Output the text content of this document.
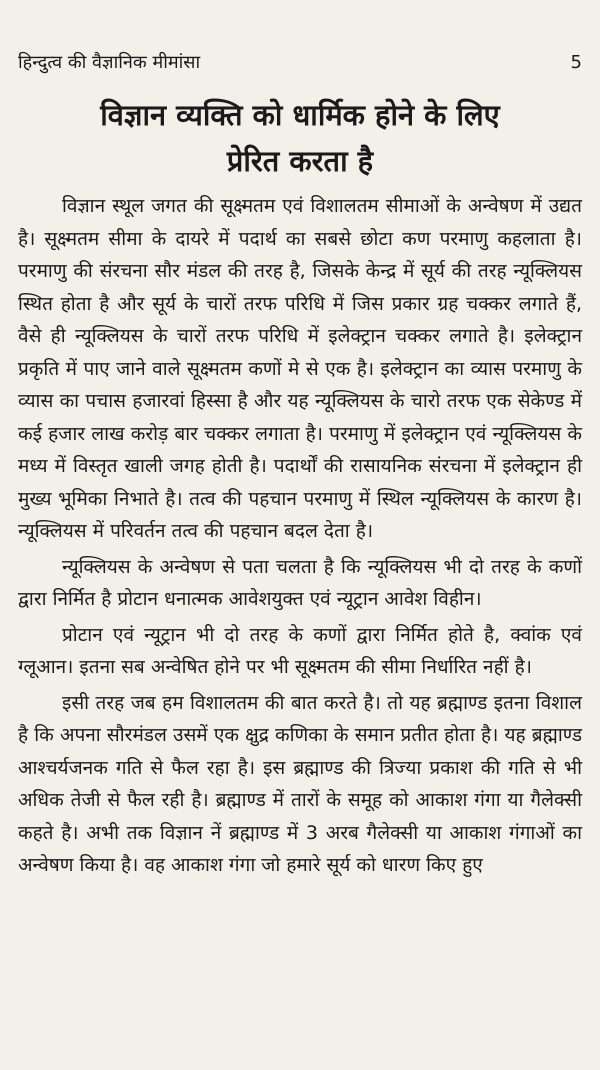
हिन्दुत्व की वैज्ञानिक मीमांसा	5
विज्ञान व्यक्ति को धार्मिक होने के लिए
प्रेरित करता है

विज्ञान स्थूल जगत की सूक्ष्मतम एवं विशालतम सीमाओं के अन्वेषण में उद्यत है। सूक्ष्मतम सीमा के दायरे में पदार्थ का सबसे छोटा कण परमाणु कहलाता है। परमाणु की संरचना सौर मंडल की तरह है, जिसके केन्द्र में सूर्य की तरह न्यूक्लियस स्थित होता है और सूर्य के चारों तरफ परिधि में जिस प्रकार ग्रह चक्कर लगाते हैं, वैसे ही न्यूक्लियस के चारों तरफ परिधि में इलेक्ट्रान चक्कर लगाते है। इलेक्ट्रान प्रकृति में पाए जाने वाले सूक्ष्मतम कणों मे से एक है। इलेक्ट्रान का व्यास परमाणु के व्यास का पचास हजारवां हिस्सा है और यह न्यूक्लियस के चारो तरफ एक सेकेण्ड में कई हजार लाख करोड़ बार चक्कर लगाता है। परमाणु में इलेक्ट्रान एवं न्यूक्लियस के मध्य में विस्तृत खाली जगह होती है। पदार्थों की रासायनिक संरचना में इलेक्ट्रान ही मुख्य भूमिका निभाते है। तत्व की पहचान परमाणु में स्थिल न्यूक्लियस के कारण है। न्यूक्लियस में परिवर्तन तत्व की पहचान बदल देता है।

न्यूक्लियस के अन्वेषण से पता चलता है कि न्यूक्लियस भी दो तरह के कणों द्वारा निर्मित है प्रोटान धनात्मक आवेशयुक्त एवं न्यूट्रान आवेश विहीन।

प्रोटान एवं न्यूट्रान भी दो तरह के कणों द्वारा निर्मित होते है, क्वांक एवं ग्लूआन। इतना सब अन्वेषित होने पर भी सूक्ष्मतम की सीमा निर्धारित नहीं है।

इसी तरह जब हम विशालतम की बात करते है। तो यह ब्रह्माण्ड इतना विशाल है कि अपना सौरमंडल उसमें एक क्षुद्र कणिका के समान प्रतीत होता है। यह ब्रह्माण्ड आश्चर्यजनक गति से फैल रहा है। इस ब्रह्माण्ड की त्रिज्या प्रकाश की गति से भी अधिक तेजी से फैल रही है। ब्रह्माण्ड में तारों के समूह को आकाश गंगा या गैलेक्सी कहते है। अभी तक विज्ञान नें ब्रह्माण्ड में 3 अरब गैलेक्सी या आकाश गंगाओं का अन्वेषण किया है। वह आकाश गंगा जो हमारे सूर्य को धारण किए हुए
